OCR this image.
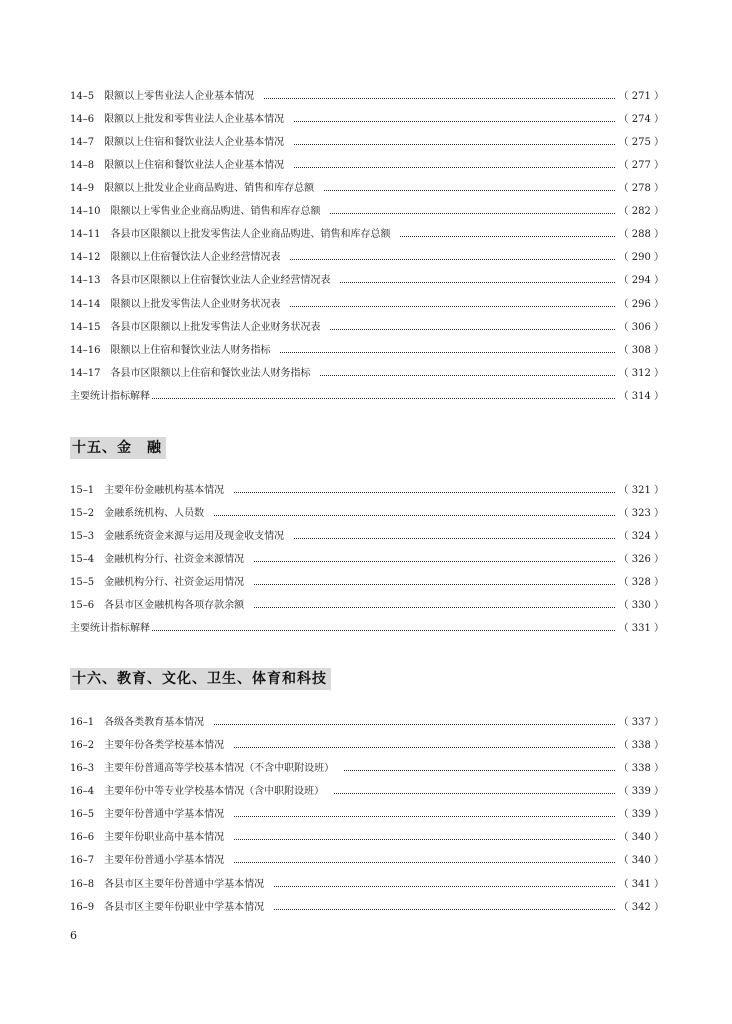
14–5 限额以上零售业法人企业基本情况	（ 271 ）
14–6 限额以上批发和零售业法人企业基本情况	（ 274 ）
14–7 限额以上住宿和餐饮业法人企业基本情况	（ 275 ）
14–8 限额以上住宿和餐饮业法人企业基本情况	（ 277 ）
14–9 限额以上批发业企业商品购进、销售和库存总额	（ 278 ）
14–10 限额以上零售业企业商品购进、销售和库存总额	（ 282 ）
14–11 各县市区限额以上批发零售法人企业商品购进、销售和库存总额	（ 288 ）
14–12 限额以上住宿餐饮法人企业经营情况表	（ 290 ）
14–13 各县市区限额以上住宿餐饮业法人企业经营情况表	（ 294 ）
14–14 限额以上批发零售法人企业财务状况表	（ 296 ）
14–15 各县市区限额以上批发零售法人企业财务状况表	（ 306 ）
14–16 限额以上住宿和餐饮业法人财务指标	（ 308 ）
14–17 各县市区限额以上住宿和餐饮业法人财务指标	（ 312 ）
主要统计指标解释	（ 314 ）
十五、金　融
15–1 主要年份金融机构基本情况	（ 321 ）
15–2 金融系统机构、人员数	（ 323 ）
15–3 金融系统资金来源与运用及现金收支情况	（ 324 ）
15–4 金融机构分行、社资金来源情况	（ 326 ）
15–5 金融机构分行、社资金运用情况	（ 328 ）
15–6 各县市区金融机构各项存款余额	（ 330 ）
主要统计指标解释	（ 331 ）
十六、教育、文化、卫生、体育和科技
16–1 各级各类教育基本情况	（ 337 ）
16–2 主要年份各类学校基本情况	（ 338 ）
16–3 主要年份普通高等学校基本情况（不含中职附设班）	（ 338 ）
16–4 主要年份中等专业学校基本情况（含中职附设班）	（ 339 ）
16–5 主要年份普通中学基本情况	（ 339 ）
16–6 主要年份职业高中基本情况	（ 340 ）
16–7 主要年份普通小学基本情况	（ 340 ）
16–8 各县市区主要年份普通中学基本情况	（ 341 ）
16–9 各县市区主要年份职业中学基本情况	（ 342 ）
6
